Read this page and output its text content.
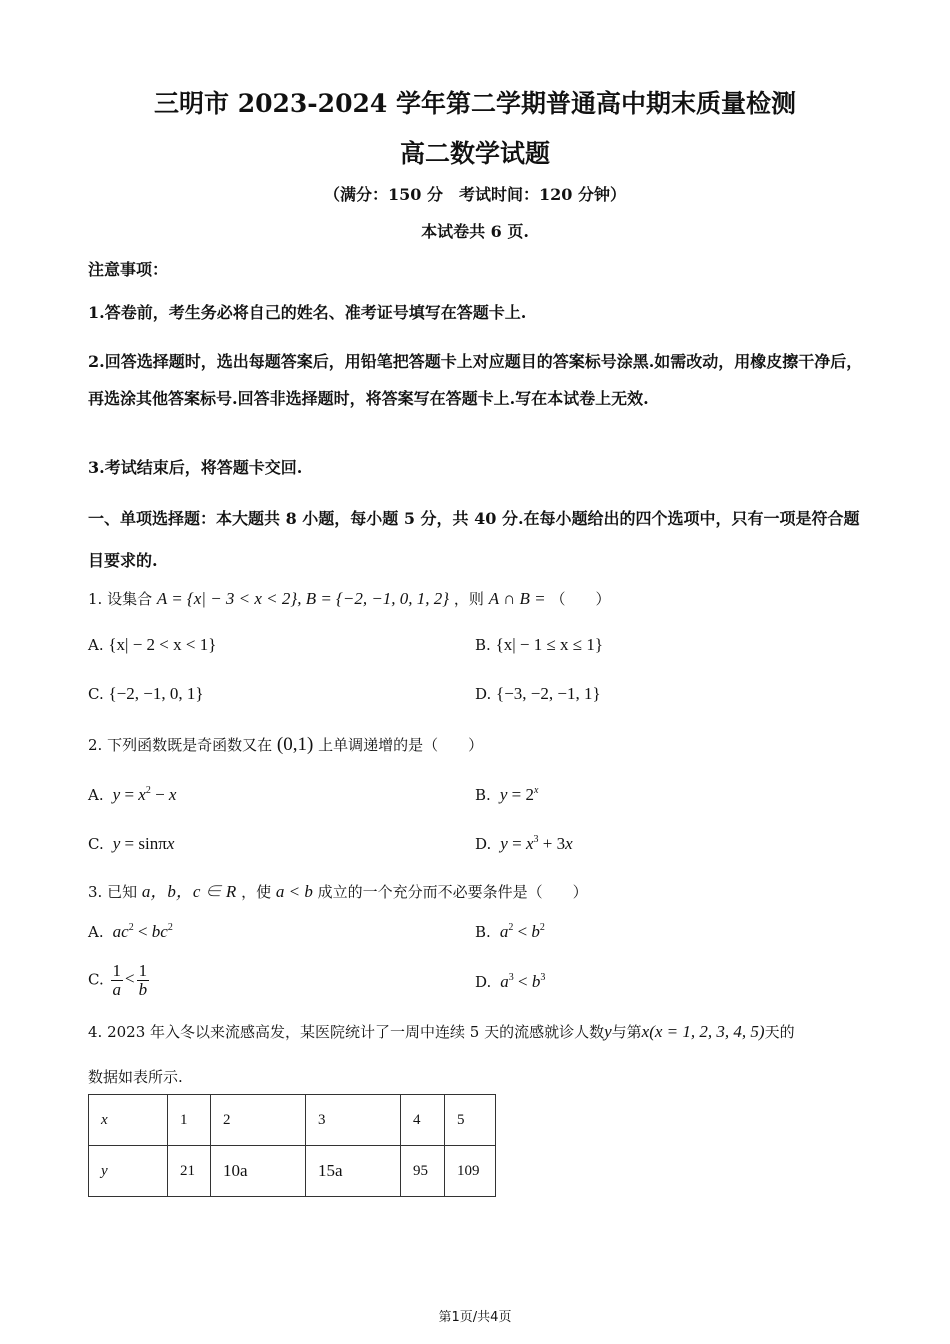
三明市 2023-2024 学年第二学期普通高中期末质量检测
高二数学试题
（满分：150 分　考试时间：120 分钟）
本试卷共 6 页.
注意事项：
1.答卷前，考生务必将自己的姓名、准考证号填写在答题卡上.
2.回答选择题时，选出每题答案后，用铅笔把答题卡上对应题目的答案标号涂黑.如需改动，用橡皮擦干净后，再选涂其他答案标号.回答非选择题时，将答案写在答题卡上.写在本试卷上无效.
3.考试结束后，将答题卡交回.
一、单项选择题：本大题共 8 小题，每小题 5 分，共 40 分.在每小题给出的四个选项中，只有一项是符合题目要求的.
1. 设集合 A = {x| − 3 < x < 2}, B = {−2, −1, 0, 1, 2} ，则 A ∩ B = （　　）
A. {x| − 2 < x < 1}	B. {x| − 1 ≤ x ≤ 1}
C. {−2, −1, 0, 1}	D. {−3, −2, −1, 1}
2. 下列函数既是奇函数又在 (0,1) 上单调递增的是（　　）
A. $y = x^2 - x$	B. $y = 2^x$
C. y = sinπx	D. $y = x^3 + 3x$
3. 已知 a，b，c ∈ R ，使 a < b 成立的一个充分而不必要条件是（　　）
A. $ac^2 < bc^2$	B. $a^2 < b^2$
C. $\frac{1}{a} < \frac{1}{b}$	D. $a^3 < b^3$
4. 2023 年入冬以来流感高发，某医院统计了一周中连续 5 天的流感就诊人数y与第x(x = 1, 2, 3, 4, 5)天的
数据如表所示.
x	1	2	3	4	5
y	21	10a	15a	95	109
第1页/共4页
